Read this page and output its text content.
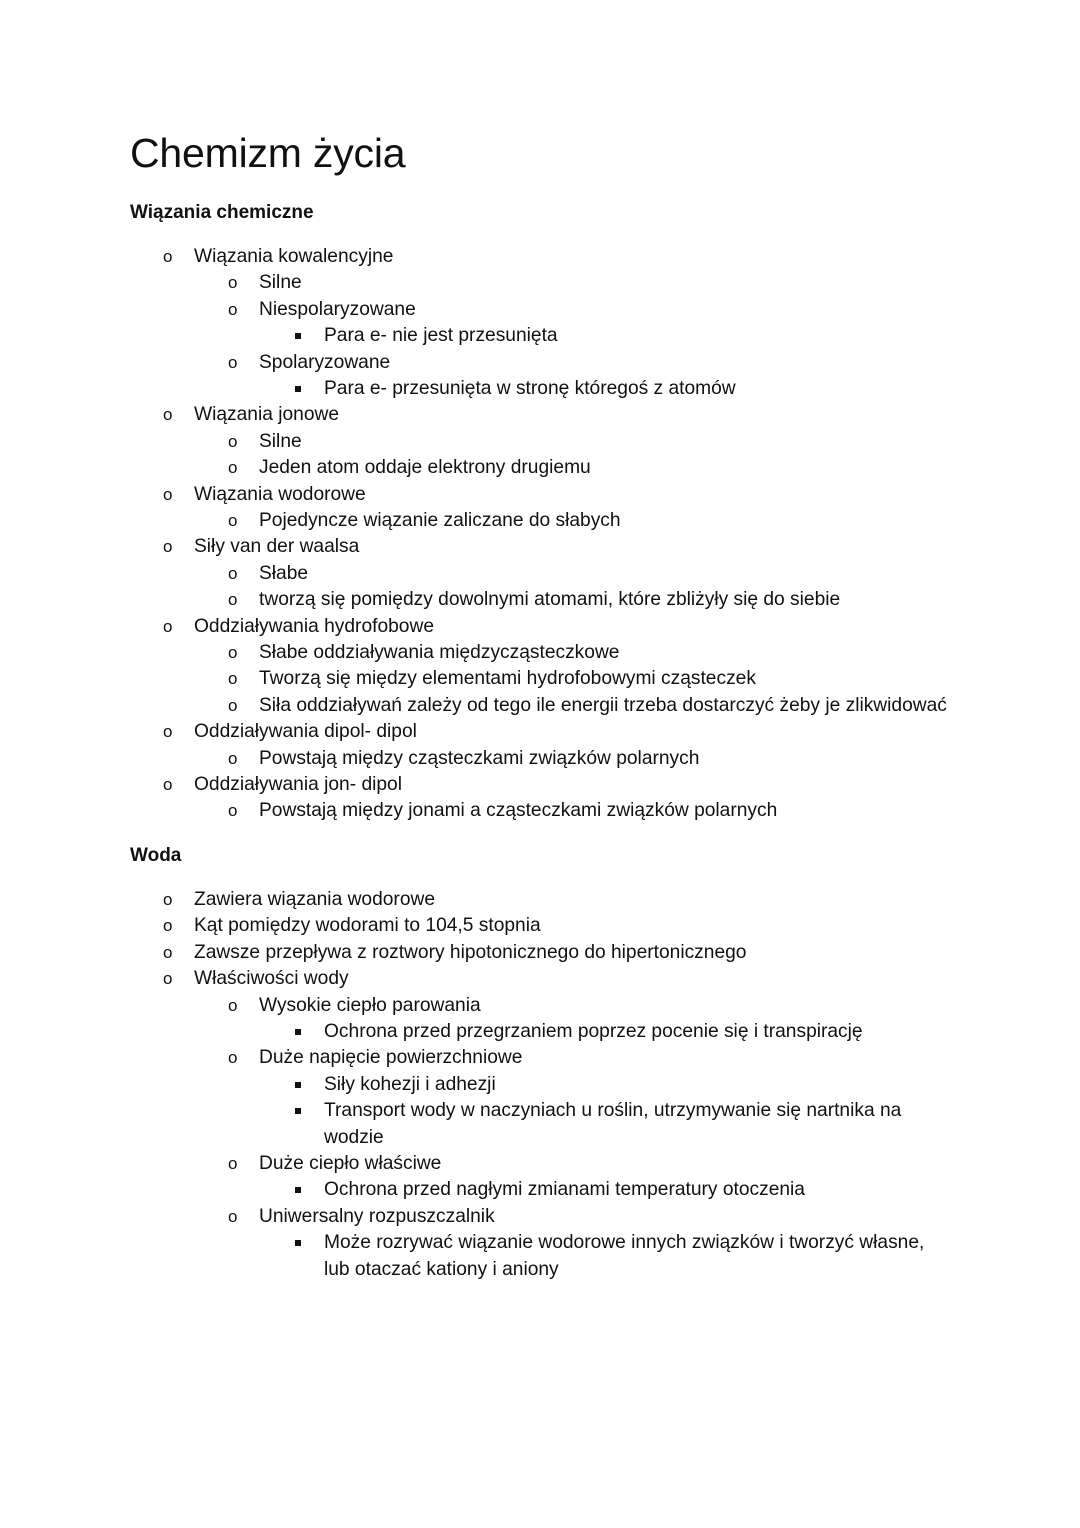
Chemizm życia
Wiązania chemiczne
o
Wiązania kowalencyjne
o
Silne
o
Niespolaryzowane
Para e- nie jest przesunięta
o
Spolaryzowane
Para e- przesunięta w stronę któregoś z atomów
o
Wiązania jonowe
o
Silne
o
Jeden atom oddaje elektrony drugiemu
o
Wiązania wodorowe
o
Pojedyncze wiązanie zaliczane do słabych
o
Siły van der waalsa
o
Słabe
o
tworzą się pomiędzy dowolnymi atomami, które zbliżyły się do siebie
o
Oddziaływania hydrofobowe
o
Słabe oddziaływania międzycząsteczkowe
o
Tworzą się między elementami hydrofobowymi cząsteczek
o
Siła oddziaływań zależy od tego ile energii trzeba dostarczyć żeby je zlikwidować
o
Oddziaływania dipol- dipol
o
Powstają między cząsteczkami związków polarnych
o
Oddziaływania jon- dipol
o
Powstają między jonami a cząsteczkami związków polarnych
Woda
o
Zawiera wiązania wodorowe
o
Kąt pomiędzy wodorami to 104,5 stopnia
o
Zawsze przepływa z roztwory hipotonicznego do hipertonicznego
o
Właściwości wody
o
Wysokie ciepło parowania
Ochrona przed przegrzaniem poprzez pocenie się i transpirację
o
Duże napięcie powierzchniowe
Siły kohezji i adhezji
Transport wody w naczyniach u roślin, utrzymywanie się nartnika na
wodzie
o
Duże ciepło właściwe
Ochrona przed nagłymi zmianami temperatury otoczenia
o
Uniwersalny rozpuszczalnik
Może rozrywać wiązanie wodorowe innych związków i tworzyć własne,
lub otaczać kationy i aniony
